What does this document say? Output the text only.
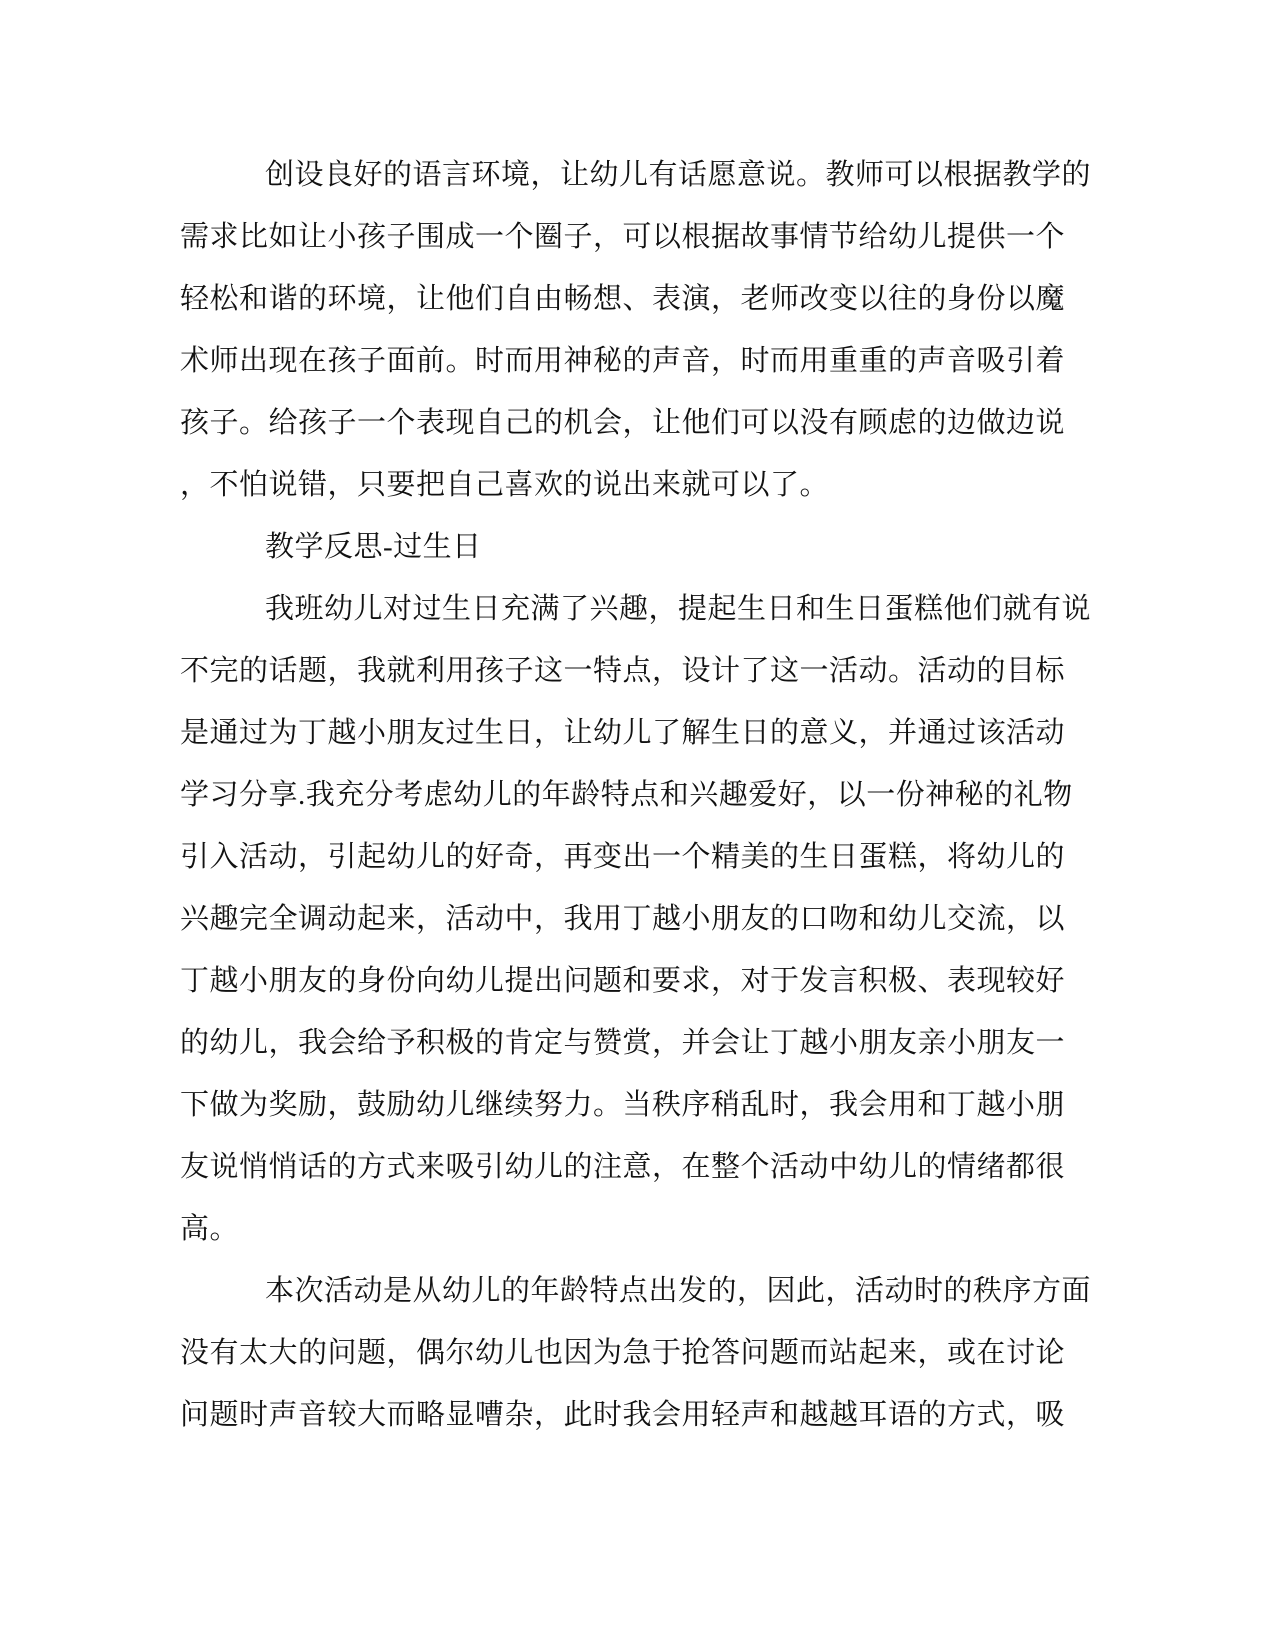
创设良好的语言环境，让幼儿有话愿意说。教师可以根据教学的
需求比如让小孩子围成一个圈子，可以根据故事情节给幼儿提供一个
轻松和谐的环境，让他们自由畅想、表演，老师改变以往的身份以魔
术师出现在孩子面前。时而用神秘的声音，时而用重重的声音吸引着
孩子。给孩子一个表现自己的机会，让他们可以没有顾虑的边做边说
，不怕说错，只要把自己喜欢的说出来就可以了。
教学反思-过生日
我班幼儿对过生日充满了兴趣，提起生日和生日蛋糕他们就有说
不完的话题，我就利用孩子这一特点，设计了这一活动。活动的目标
是通过为丁越小朋友过生日，让幼儿了解生日的意义，并通过该活动
学习分享.我充分考虑幼儿的年龄特点和兴趣爱好，以一份神秘的礼物
引入活动，引起幼儿的好奇，再变出一个精美的生日蛋糕，将幼儿的
兴趣完全调动起来，活动中，我用丁越小朋友的口吻和幼儿交流，以
丁越小朋友的身份向幼儿提出问题和要求，对于发言积极、表现较好
的幼儿，我会给予积极的肯定与赞赏，并会让丁越小朋友亲小朋友一
下做为奖励，鼓励幼儿继续努力。当秩序稍乱时，我会用和丁越小朋
友说悄悄话的方式来吸引幼儿的注意，在整个活动中幼儿的情绪都很
高。
本次活动是从幼儿的年龄特点出发的，因此，活动时的秩序方面
没有太大的问题，偶尔幼儿也因为急于抢答问题而站起来，或在讨论
问题时声音较大而略显嘈杂，此时我会用轻声和越越耳语的方式，吸
